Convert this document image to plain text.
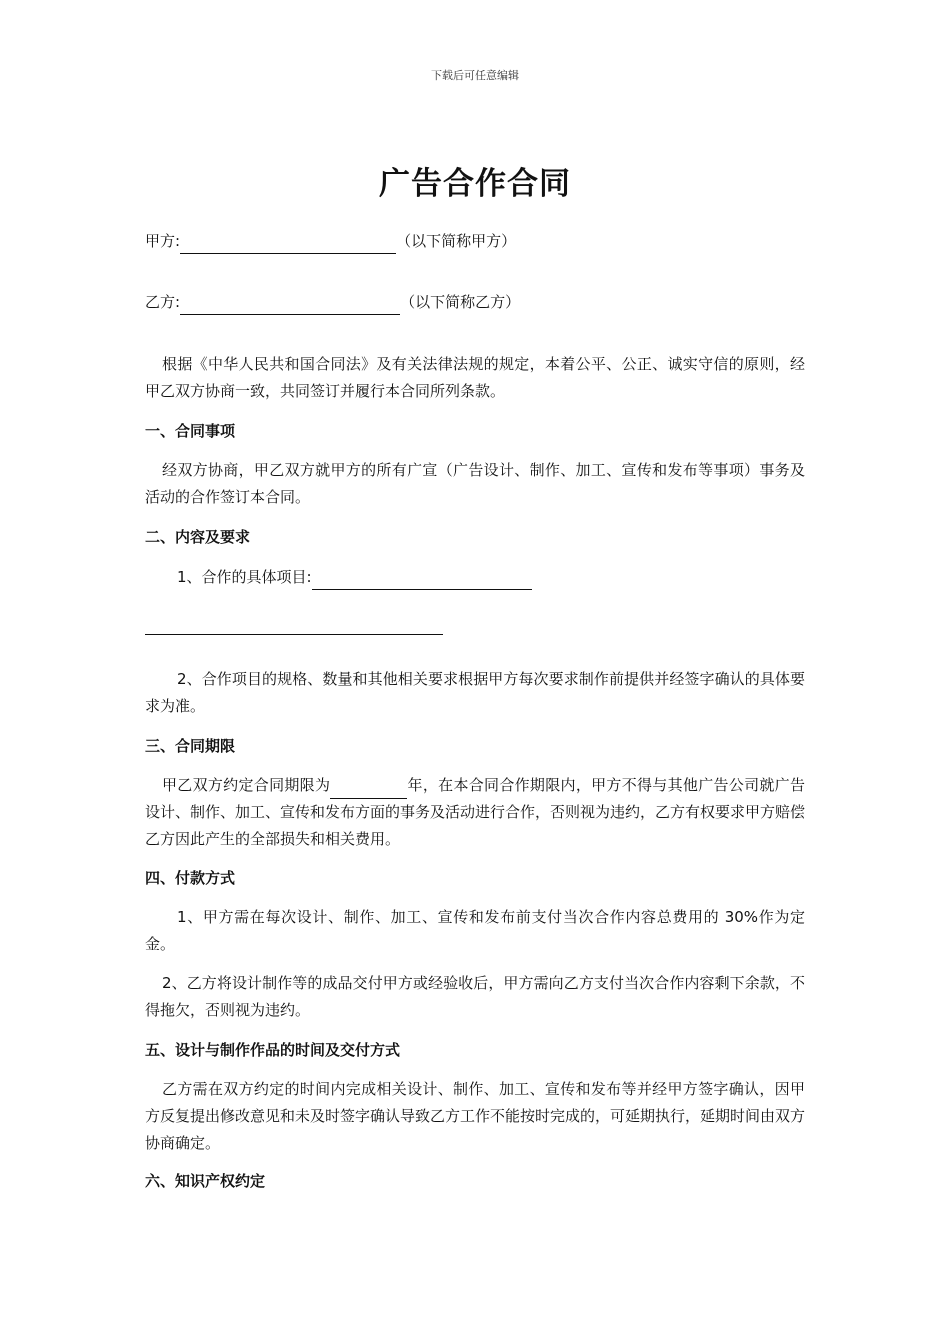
下载后可任意编辑
广告合作合同
甲方:	（以下简称甲方）
乙方:	（以下简称乙方）
根据《中华人民共和国合同法》及有关法律法规的规定，本着公平、公正、诚实守信的原则，经甲乙双方协商一致，共同签订并履行本合同所列条款。
一、合同事项
经双方协商，甲乙双方就甲方的所有广宣（广告设计、制作、加工、宣传和发布等事项）事务及活动的合作签订本合同。
二、内容及要求
1、合作的具体项目:
2、合作项目的规格、数量和其他相关要求根据甲方每次要求制作前提供并经签字确认的具体要求为准。
三、合同期限
甲乙双方约定合同期限为	年，在本合同合作期限内，甲方不得与其他广告公司就广告设计、制作、加工、宣传和发布方面的事务及活动进行合作，否则视为违约，乙方有权要求甲方赔偿乙方因此产生的全部损失和相关费用。
四、付款方式
1、甲方需在每次设计、制作、加工、宣传和发布前支付当次合作内容总费用的 30%作为定金。
2、乙方将设计制作等的成品交付甲方或经验收后，甲方需向乙方支付当次合作内容剩下余款，不得拖欠，否则视为违约。
五、设计与制作作品的时间及交付方式
乙方需在双方约定的时间内完成相关设计、制作、加工、宣传和发布等并经甲方签字确认，因甲方反复提出修改意见和未及时签字确认导致乙方工作不能按时完成的，可延期执行，延期时间由双方协商确定。
六、知识产权约定
